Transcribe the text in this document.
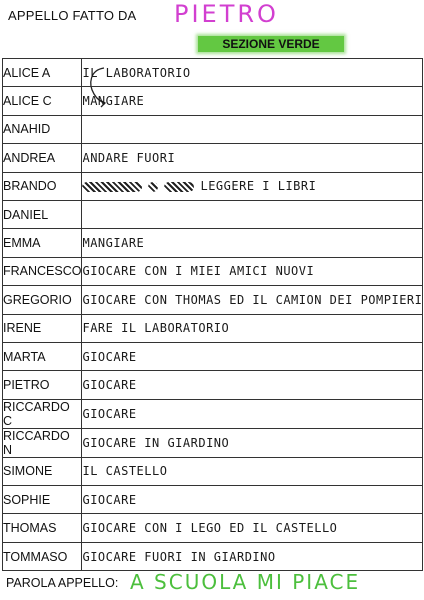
APPELLO FATTO DA PIETRO
SEZIONE VERDE
ALICE A	IL LABORATORIO
ALICE C	MANGIARE
ANAHID	
ANDREA	ANDARE FUORI
BRANDO	LEGGERE I LIBRI
DANIEL	
EMMA	MANGIARE
FRANCESCO	GIOCARE CON I MIEI AMICI NUOVI
GREGORIO	GIOCARE CON THOMAS ED IL CAMION DEI POMPIERI
IRENE	FARE IL LABORATORIO
MARTA	GIOCARE
PIETRO	GIOCARE
RICCARDO C	GIOCARE
RICCARDO N	GIOCARE IN GIARDINO
SIMONE	IL CASTELLO
SOPHIE	GIOCARE
THOMAS	GIOCARE CON I LEGO ED IL CASTELLO
TOMMASO	GIOCARE FUORI IN GIARDINO
PAROLA APPELLO: A SCUOLA MI PIACE
